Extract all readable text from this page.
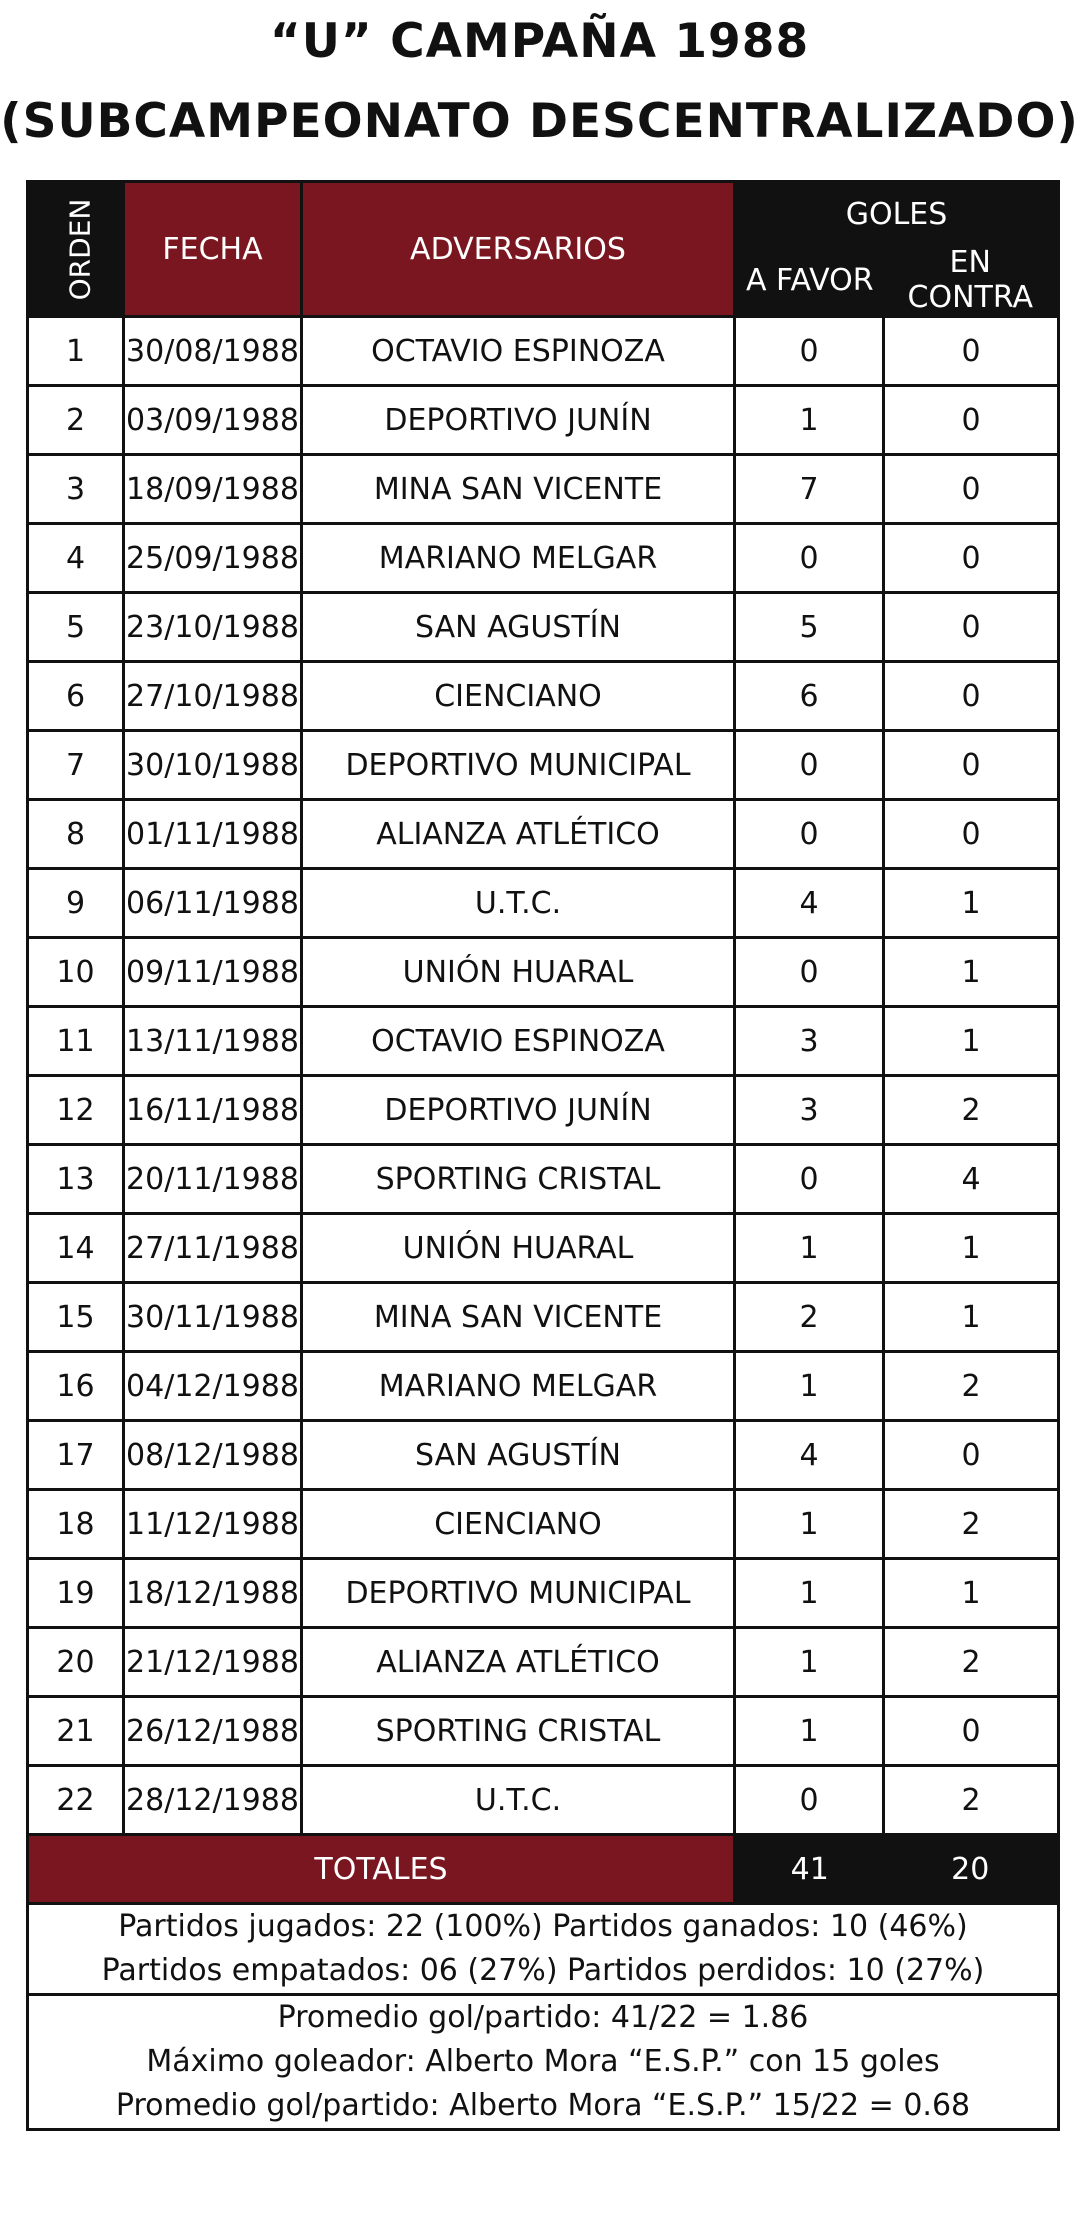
“U” CAMPAÑA 1988
(SUBCAMPEONATO DESCENTRALIZADO)
ORDEN	FECHA	ADVERSARIOS	GOLES	
			A FAVOR	EN CONTRA
1	30/08/1988	OCTAVIO ESPINOZA	0	0
2	03/09/1988	DEPORTIVO JUNÍN	1	0
3	18/09/1988	MINA SAN VICENTE	7	0
4	25/09/1988	MARIANO MELGAR	0	0
5	23/10/1988	SAN AGUSTÍN	5	0
6	27/10/1988	CIENCIANO	6	0
7	30/10/1988	DEPORTIVO MUNICIPAL	0	0
8	01/11/1988	ALIANZA ATLÉTICO	0	0
9	06/11/1988	U.T.C.	4	1
10	09/11/1988	UNIÓN HUARAL	0	1
11	13/11/1988	OCTAVIO ESPINOZA	3	1
12	16/11/1988	DEPORTIVO JUNÍN	3	2
13	20/11/1988	SPORTING CRISTAL	0	4
14	27/11/1988	UNIÓN HUARAL	1	1
15	30/11/1988	MINA SAN VICENTE	2	1
16	04/12/1988	MARIANO MELGAR	1	2
17	08/12/1988	SAN AGUSTÍN	4	0
18	11/12/1988	CIENCIANO	1	2
19	18/12/1988	DEPORTIVO MUNICIPAL	1	1
20	21/12/1988	ALIANZA ATLÉTICO	1	2
21	26/12/1988	SPORTING CRISTAL	1	0
22	28/12/1988	U.T.C.	0	2
TOTALES			41	20

Partidos jugados: 22 (100%) Partidos ganados: 10 (46%)
Partidos empatados: 06 (27%) Partidos perdidos: 10 (27%)				

Promedio gol/partido: 41/22 = 1.86
Máximo goleador: Alberto Mora “E.S.P.” con 15 goles
Promedio gol/partido: Alberto Mora “E.S.P.” 15/22 = 0.68				
